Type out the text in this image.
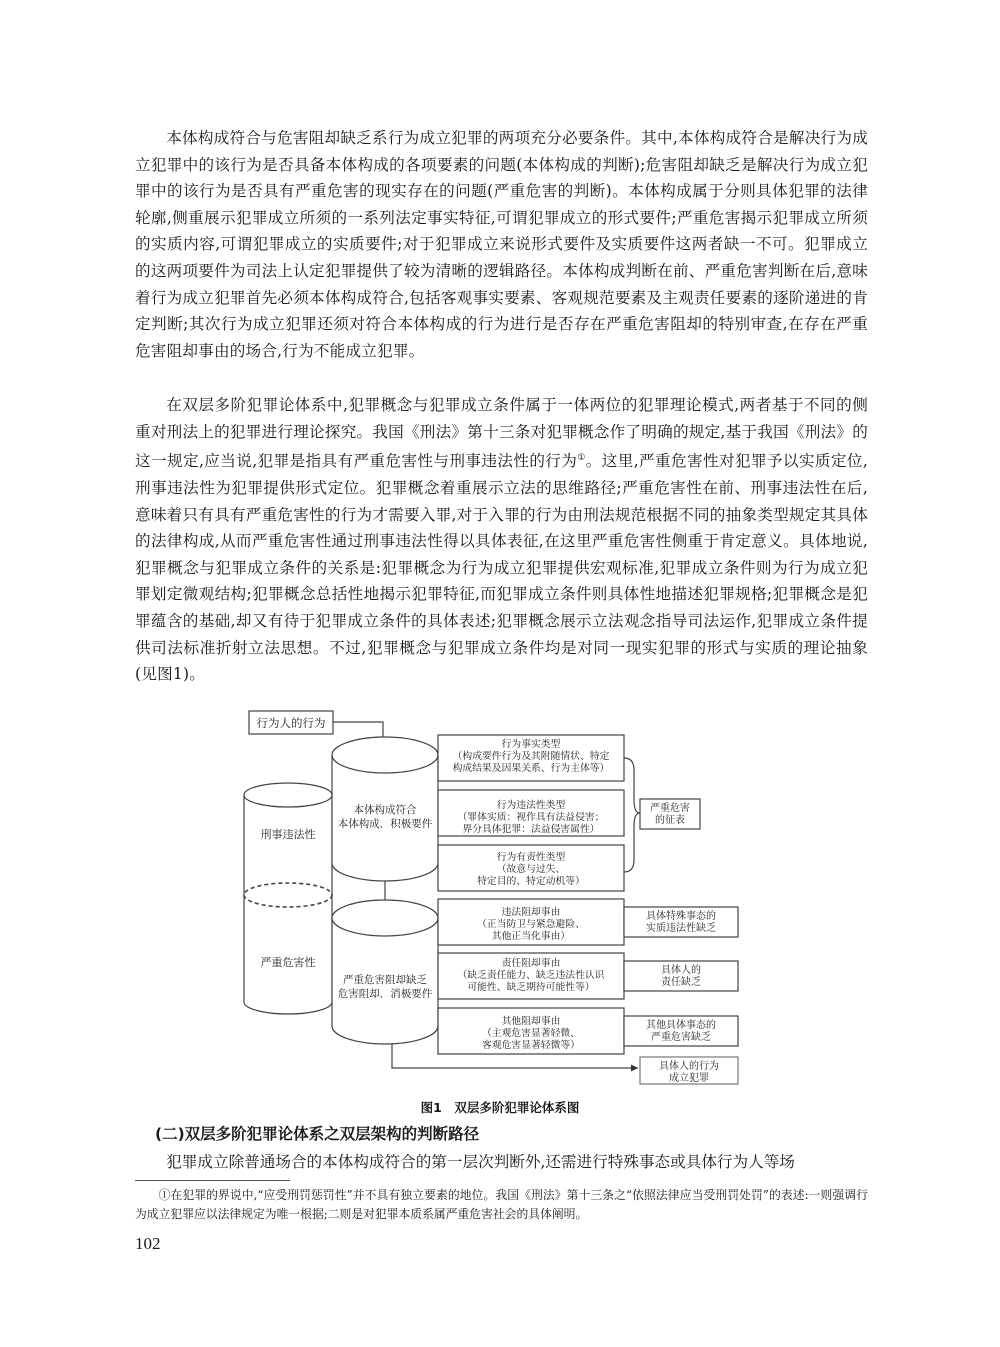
本体构成符合与危害阻却缺乏系行为成立犯罪的两项充分必要条件。其中,本体构成符合是解决行为成立犯罪中的该行为是否具备本体构成的各项要素的问题(本体构成的判断);危害阻却缺乏是解决行为成立犯罪中的该行为是否具有严重危害的现实存在的问题(严重危害的判断)。本体构成属于分则具体犯罪的法律轮廓,侧重展示犯罪成立所须的一系列法定事实特征,可谓犯罪成立的形式要件;严重危害揭示犯罪成立所须的实质内容,可谓犯罪成立的实质要件;对于犯罪成立来说形式要件及实质要件这两者缺一不可。犯罪成立的这两项要件为司法上认定犯罪提供了较为清晰的逻辑路径。本体构成判断在前、严重危害判断在后,意味着行为成立犯罪首先必须本体构成符合,包括客观事实要素、客观规范要素及主观责任要素的逐阶递进的肯定判断;其次行为成立犯罪还须对符合本体构成的行为进行是否存在严重危害阻却的特别审查,在存在严重危害阻却事由的场合,行为不能成立犯罪。

在双层多阶犯罪论体系中,犯罪概念与犯罪成立条件属于一体两位的犯罪理论模式,两者基于不同的侧重对刑法上的犯罪进行理论探究。我国《刑法》第十三条对犯罪概念作了明确的规定,基于我国《刑法》的这一规定,应当说,犯罪是指具有严重危害性与刑事违法性的行为①。这里,严重危害性对犯罪予以实质定位,刑事违法性为犯罪提供形式定位。犯罪概念着重展示立法的思维路径;严重危害性在前、刑事违法性在后,意味着只有具有严重危害性的行为才需要入罪,对于入罪的行为由刑法规范根据不同的抽象类型规定其具体的法律构成,从而严重危害性通过刑事违法性得以具体表征,在这里严重危害性侧重于肯定意义。具体地说,犯罪概念与犯罪成立条件的关系是:犯罪概念为行为成立犯罪提供宏观标准,犯罪成立条件则为行为成立犯罪划定微观结构;犯罪概念总括性地揭示犯罪特征,而犯罪成立条件则具体性地描述犯罪规格;犯罪概念是犯罪蕴含的基础,却又有待于犯罪成立条件的具体表述;犯罪概念展示立法观念指导司法运作,犯罪成立条件提供司法标准折射立法思想。不过,犯罪概念与犯罪成立条件均是对同一现实犯罪的形式与实质的理论抽象(见图1)。

行为人的行为
刑事违法性
严重危害性
本体构成符合
本体构成．积极要件
严重危害阻却缺乏
危害阻却．消极要件
行为事实类型
（构成要件行为及其附随情状、特定
构成结果及因果关系、行为主体等）
行为违法性类型
（罪体实质：视作具有法益侵害；
界分具体犯罪：法益侵害属性）
行为有责性类型
（故意与过失、
特定目的、特定动机等）
违法阻却事由
（正当防卫与紧急避险、
其他正当化事由）
责任阻却事由
（缺乏责任能力、缺乏违法性认识
可能性、缺乏期待可能性等）
其他阻却事由
（主观危害显著轻微、
客观危害显著轻微等）
严重危害
的征表
具体特殊事态的
实质违法性缺乏
具体人的
责任缺乏
其他具体事态的
严重危害缺乏
具体人的行为
成立犯罪
图1　双层多阶犯罪论体系图
(二)双层多阶犯罪论体系之双层架构的判断路径

犯罪成立除普通场合的本体构成符合的第一层次判断外,还需进行特殊事态或具体行为人等场

①在犯罪的界说中,“应受刑罚惩罚性”并不具有独立要素的地位。我国《刑法》第十三条之“依照法律应当受刑罚处罚”的表述:一则强调行为成立犯罪应以法律规定为唯一根据;二则是对犯罪本质系属严重危害社会的具体阐明。

102
